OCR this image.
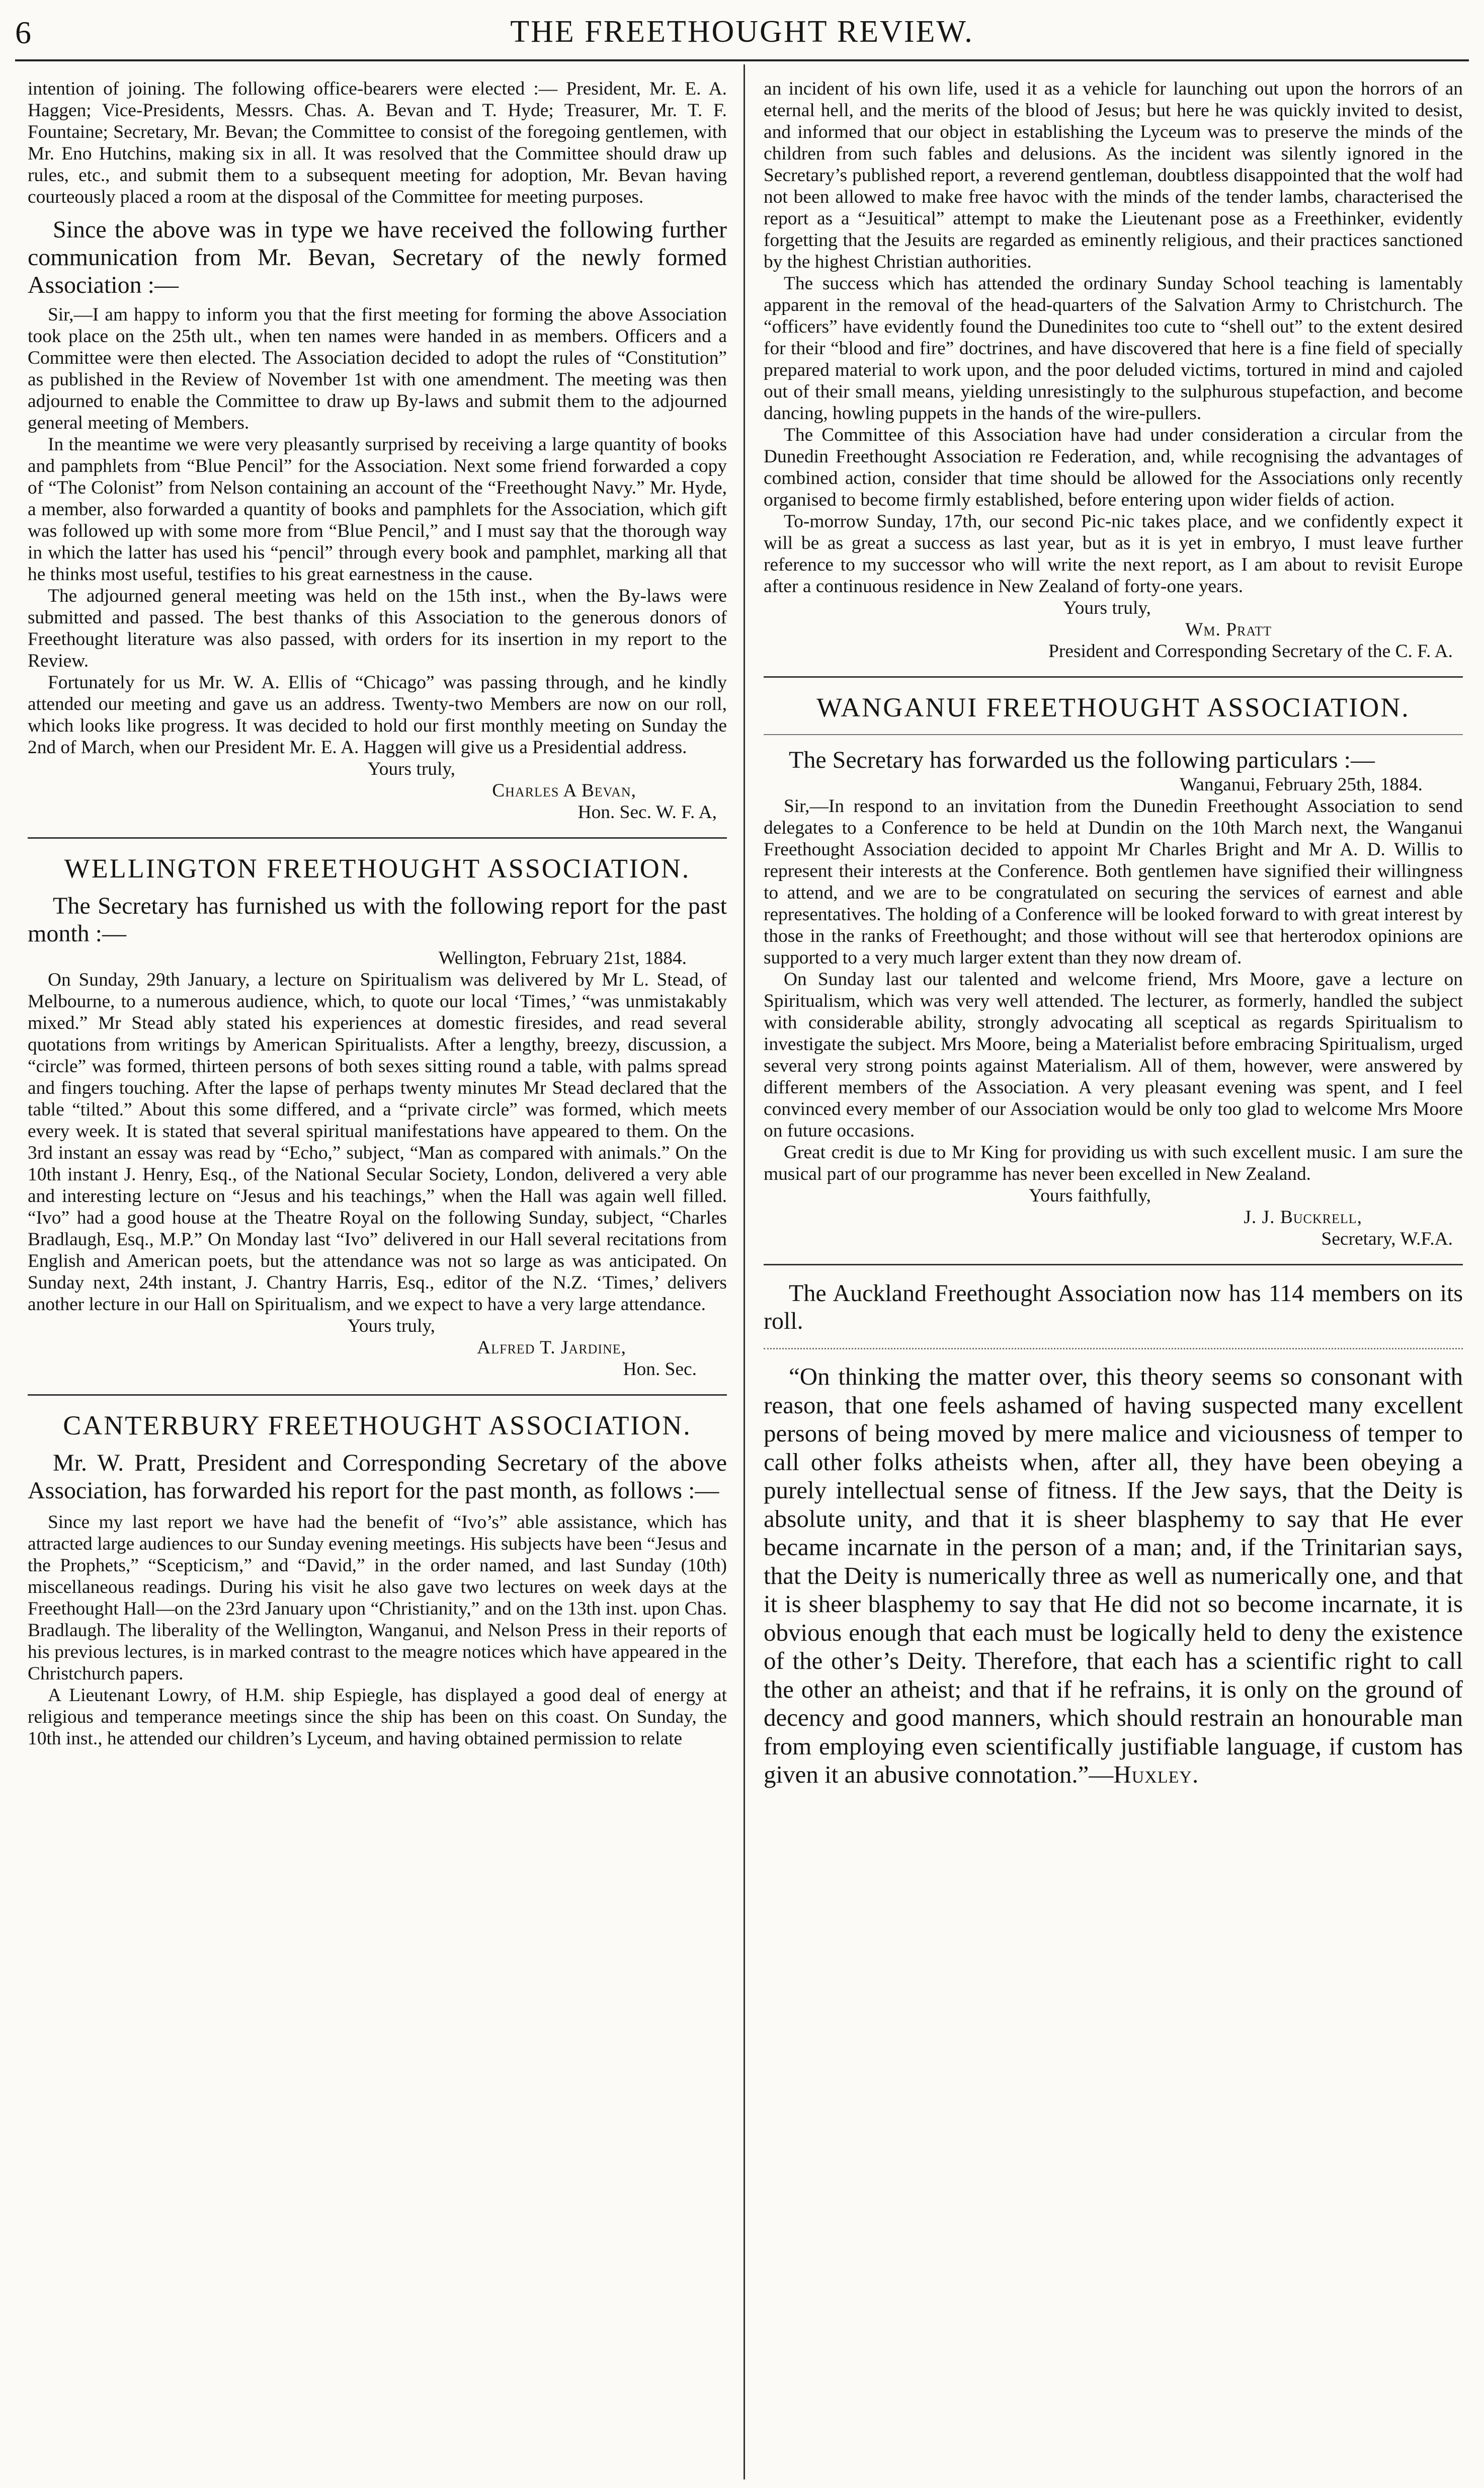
6	THE FREETHOUGHT REVIEW.

intention of joining. The following office-bearers were elected :— President, Mr. E. A. Haggen; Vice-Presidents, Messrs. Chas. A. Bevan and T. Hyde; Treasurer, Mr. T. F. Fountaine; Secretary, Mr. Bevan; the Committee to consist of the foregoing gentlemen, with Mr. Eno Hutchins, making six in all. It was resolved that the Committee should draw up rules, etc., and submit them to a subsequent meeting for adoption, Mr. Bevan having courteously placed a room at the disposal of the Committee for meeting purposes.

Since the above was in type we have received the following further communication from Mr. Bevan, Secretary of the newly formed Association :—

Sir,—I am happy to inform you that the first meeting for forming the above Association took place on the 25th ult., when ten names were handed in as members. Officers and a Committee were then elected. The Association decided to adopt the rules of “Constitution” as published in the Review of November 1st with one amendment. The meeting was then adjourned to enable the Committee to draw up By-laws and submit them to the adjourned general meeting of Members.

In the meantime we were very pleasantly surprised by receiving a large quantity of books and pamphlets from “Blue Pencil” for the Association. Next some friend forwarded a copy of “The Colonist” from Nelson containing an account of the “Freethought Navy.” Mr. Hyde, a member, also forwarded a quantity of books and pamphlets for the Association, which gift was followed up with some more from “Blue Pencil,” and I must say that the thorough way in which the latter has used his “pencil” through every book and pamphlet, marking all that he thinks most useful, testifies to his great earnestness in the cause.

The adjourned general meeting was held on the 15th inst., when the By-laws were submitted and passed. The best thanks of this Association to the generous donors of Freethought literature was also passed, with orders for its insertion in my report to the Review.

Fortunately for us Mr. W. A. Ellis of “Chicago” was passing through, and he kindly attended our meeting and gave us an address. Twenty-two Members are now on our roll, which looks like progress. It was decided to hold our first monthly meeting on Sunday the 2nd of March, when our President Mr. E. A. Haggen will give us a Presidential address.

Yours truly,
Charles A Bevan,
Hon. Sec. W. F. A,
WELLINGTON FREETHOUGHT ASSOCIATION.

The Secretary has furnished us with the following report for the past month :—

Wellington, February 21st, 1884.

On Sunday, 29th January, a lecture on Spiritualism was delivered by Mr L. Stead, of Melbourne, to a numerous audience, which, to quote our local ‘Times,’ “was unmistakably mixed.” Mr Stead ably stated his experiences at domestic firesides, and read several quotations from writings by American Spiritualists. After a lengthy, breezy, discussion, a “circle” was formed, thirteen persons of both sexes sitting round a table, with palms spread and fingers touching. After the lapse of perhaps twenty minutes Mr Stead declared that the table “tilted.” About this some differed, and a “private circle” was formed, which meets every week. It is stated that several spiritual manifestations have appeared to them. On the 3rd instant an essay was read by “Echo,” subject, “Man as compared with animals.” On the 10th instant J. Henry, Esq., of the National Secular Society, London, delivered a very able and interesting lecture on “Jesus and his teachings,” when the Hall was again well filled. “Ivo” had a good house at the Theatre Royal on the following Sunday, subject, “Charles Bradlaugh, Esq., M.P.” On Monday last “Ivo” delivered in our Hall several recitations from English and American poets, but the attendance was not so large as was anticipated. On Sunday next, 24th instant, J. Chantry Harris, Esq., editor of the N.Z. ‘Times,’ delivers another lecture in our Hall on Spiritualism, and we expect to have a very large attendance.

Yours truly,
Alfred T. Jardine,
Hon. Sec.
CANTERBURY FREETHOUGHT ASSOCIATION.

Mr. W. Pratt, President and Corresponding Secretary of the above Association, has forwarded his report for the past month, as follows :—

Since my last report we have had the benefit of “Ivo’s” able assistance, which has attracted large audiences to our Sunday evening meetings. His subjects have been “Jesus and the Prophets,” “Scepticism,” and “David,” in the order named, and last Sunday (10th) miscellaneous readings. During his visit he also gave two lectures on week days at the Freethought Hall—on the 23rd January upon “Christianity,” and on the 13th inst. upon Chas. Bradlaugh. The liberality of the Wellington, Wanganui, and Nelson Press in their reports of his previous lectures, is in marked contrast to the meagre notices which have appeared in the Christchurch papers.

A Lieutenant Lowry, of H.M. ship Espiegle, has displayed a good deal of energy at religious and temperance meetings since the ship has been on this coast. On Sunday, the 10th inst., he attended our children’s Lyceum, and having obtained permission to relate

an incident of his own life, used it as a vehicle for launching out upon the horrors of an eternal hell, and the merits of the blood of Jesus; but here he was quickly invited to desist, and informed that our object in establishing the Lyceum was to preserve the minds of the children from such fables and delusions. As the incident was silently ignored in the Secretary’s published report, a reverend gentleman, doubtless disappointed that the wolf had not been allowed to make free havoc with the minds of the tender lambs, characterised the report as a “Jesuitical” attempt to make the Lieutenant pose as a Freethinker, evidently forgetting that the Jesuits are regarded as eminently religious, and their practices sanctioned by the highest Christian authorities.

The success which has attended the ordinary Sunday School teaching is lamentably apparent in the removal of the head-quarters of the Salvation Army to Christchurch. The “officers” have evidently found the Dunedinites too cute to “shell out” to the extent desired for their “blood and fire” doctrines, and have discovered that here is a fine field of specially prepared material to work upon, and the poor deluded victims, tortured in mind and cajoled out of their small means, yielding unresistingly to the sulphurous stupefaction, and become dancing, howling puppets in the hands of the wire-pullers.

The Committee of this Association have had under consideration a circular from the Dunedin Freethought Association re Federation, and, while recognising the advantages of combined action, consider that time should be allowed for the Associations only recently organised to become firmly established, before entering upon wider fields of action.

To-morrow Sunday, 17th, our second Pic-nic takes place, and we confidently expect it will be as great a success as last year, but as it is yet in embryo, I must leave further reference to my successor who will write the next report, as I am about to revisit Europe after a continuous residence in New Zealand of forty-one years.

Yours truly,
Wm. Pratt
President and Corresponding Secretary of the C. F. A.
WANGANUI FREETHOUGHT ASSOCIATION.

The Secretary has forwarded us the following particulars :—

Wanganui, February 25th, 1884.

Sir,—In respond to an invitation from the Dunedin Freethought Association to send delegates to a Conference to be held at Dundin on the 10th March next, the Wanganui Freethought Association decided to appoint Mr Charles Bright and Mr A. D. Willis to represent their interests at the Conference. Both gentlemen have signified their willingness to attend, and we are to be congratulated on securing the services of earnest and able representatives. The holding of a Conference will be looked forward to with great interest by those in the ranks of Freethought; and those without will see that herterodox opinions are supported to a very much larger extent than they now dream of.

On Sunday last our talented and welcome friend, Mrs Moore, gave a lecture on Spiritualism, which was very well attended. The lecturer, as formerly, handled the subject with considerable ability, strongly advocating all sceptical as regards Spiritualism to investigate the subject. Mrs Moore, being a Materialist before embracing Spiritualism, urged several very strong points against Materialism. All of them, however, were answered by different members of the Association. A very pleasant evening was spent, and I feel convinced every member of our Association would be only too glad to welcome Mrs Moore on future occasions.

Great credit is due to Mr King for providing us with such excellent music. I am sure the musical part of our programme has never been excelled in New Zealand.

Yours faithfully,
J. J. Buckrell,
Secretary, W.F.A.

The Auckland Freethought Association now has 114 members on its roll.

“On thinking the matter over, this theory seems so consonant with reason, that one feels ashamed of having suspected many excellent persons of being moved by mere malice and viciousness of temper to call other folks atheists when, after all, they have been obeying a purely intellectual sense of fitness. If the Jew says, that the Deity is absolute unity, and that it is sheer blasphemy to say that He ever became incarnate in the person of a man; and, if the Trinitarian says, that the Deity is numerically three as well as numerically one, and that it is sheer blasphemy to say that He did not so become incarnate, it is obvious enough that each must be logically held to deny the existence of the other’s Deity. Therefore, that each has a scientific right to call the other an atheist; and that if he refrains, it is only on the ground of decency and good manners, which should restrain an honourable man from employing even scientifically justifiable language, if custom has given it an abusive connotation.”—Huxley.
